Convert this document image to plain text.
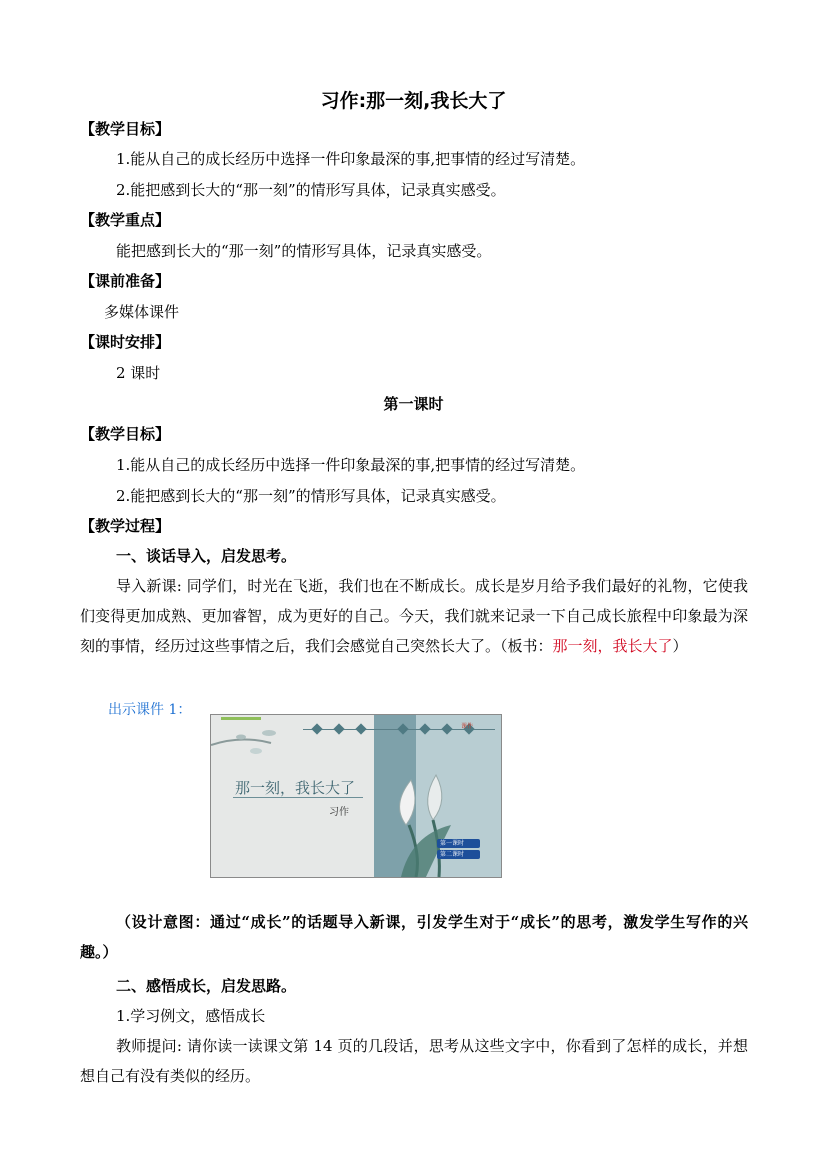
习作:那一刻,我长大了
【教学目标】
1.能从自己的成长经历中选择一件印象最深的事,把事情的经过写清楚。
2.能把感到长大的“那一刻”的情形写具体，记录真实感受。
【教学重点】
能把感到长大的“那一刻”的情形写具体，记录真实感受。
【课前准备】
多媒体课件
【课时安排】
2 课时
第一课时
【教学目标】
1.能从自己的成长经历中选择一件印象最深的事,把事情的经过写清楚。
2.能把感到长大的“那一刻”的情形写具体，记录真实感受。
【教学过程】
一、谈话导入，启发思考。
导入新课: 同学们，时光在飞逝，我们也在不断成长。成长是岁月给予我们最好的礼物，它使我们变得更加成熟、更加睿智，成为更好的自己。今天，我们就来记录一下自己成长旅程中印象最为深刻的事情，经历过这些事情之后，我们会感觉自己突然长大了。（板书：那一刻，我长大了）
出示课件 1：
课件
那一刻，我长大了
习作
第一课时
第二课时
（设计意图：通过“成长”的话题导入新课，引发学生对于“成长”的思考，激发学生写作的兴趣。）
二、感悟成长，启发思路。
1.学习例文，感悟成长
教师提问: 请你读一读课文第 14 页的几段话，思考从这些文字中，你看到了怎样的成长，并想想自己有没有类似的经历。
